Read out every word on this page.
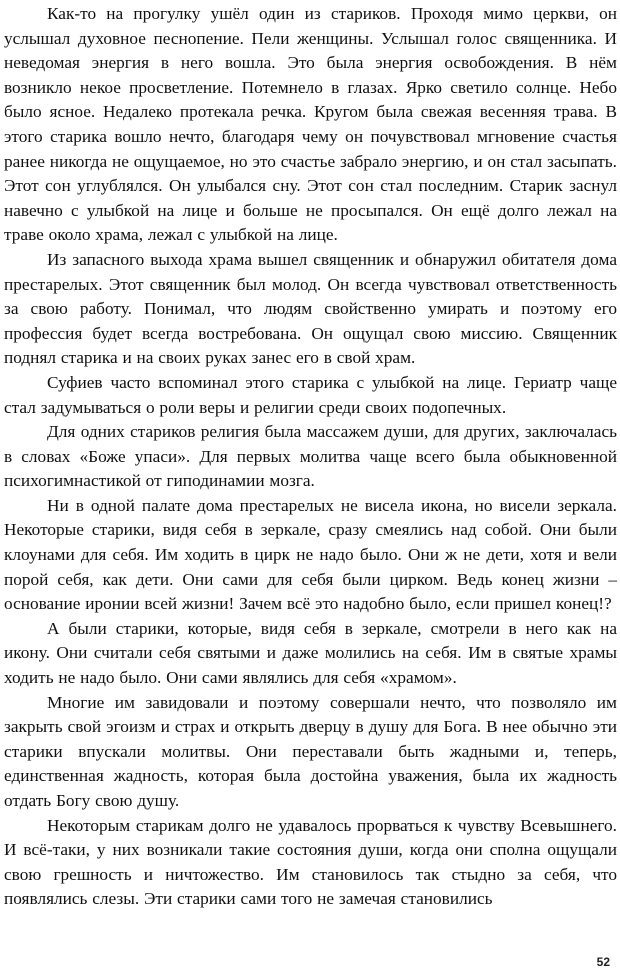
Как-то на прогулку ушёл один из стариков. Проходя мимо церкви, он услышал духовное песнопение. Пели женщины. Услышал голос священника. И неведомая энергия в него вошла. Это была энергия освобождения. В нём возникло некое просветление. Потемнело в глазах. Ярко светило солнце. Небо было ясное. Недалеко протекала речка. Кругом была свежая весенняя трава. В этого старика вошло нечто, благодаря чему он почувствовал мгновение счастья ранее никогда не ощущаемое, но это счастье забрало энергию, и он стал засыпать. Этот сон углублялся. Он улыбался сну. Этот сон стал последним. Старик заснул навечно с улыбкой на лице и больше не просыпался. Он ещё долго лежал на траве около храма, лежал с улыбкой на лице.

Из запасного выхода храма вышел священник и обнаружил обитателя дома престарелых. Этот священник был молод. Он всегда чувствовал ответственность за свою работу. Понимал, что людям свойственно умирать и поэтому его профессия будет всегда востребована. Он ощущал свою миссию. Священник поднял старика и на своих руках занес его в свой храм.

Суфиев часто вспоминал этого старика с улыбкой на лице. Гериатр чаще стал задумываться о роли веры и религии среди своих подопечных.

Для одних стариков религия была массажем души, для других, заключалась в словах «Боже упаси». Для первых молитва чаще всего была обыкновенной психогимнастикой от гиподинамии мозга.

Ни в одной палате дома престарелых не висела икона, но висели зеркала. Некоторые старики, видя себя в зеркале, сразу смеялись над собой. Они были клоунами для себя. Им ходить в цирк не надо было. Они ж не дети, хотя и вели порой себя, как дети. Они сами для себя были цирком. Ведь конец жизни – основание иронии всей жизни! Зачем всё это надобно было, если пришел конец!?

А были старики, которые, видя себя в зеркале, смотрели в него как на икону. Они считали себя святыми и даже молились на себя. Им в святые храмы ходить не надо было. Они сами являлись для себя «храмом».

Многие им завидовали и поэтому совершали нечто, что позволяло им закрыть свой эгоизм и страх и открыть дверцу в душу для Бога. В нее обычно эти старики впускали молитвы. Они переставали быть жадными и, теперь, единственная жадность, которая была достойна уважения, была их жадность отдать Богу свою душу.

Некоторым старикам долго не удавалось прорваться к чувству Всевышнего. И всё-таки, у них возникали такие состояния души, когда они сполна ощущали свою грешность и ничтожество. Им становилось так стыдно за себя, что появлялись слезы. Эти старики сами того не замечая становились

52
